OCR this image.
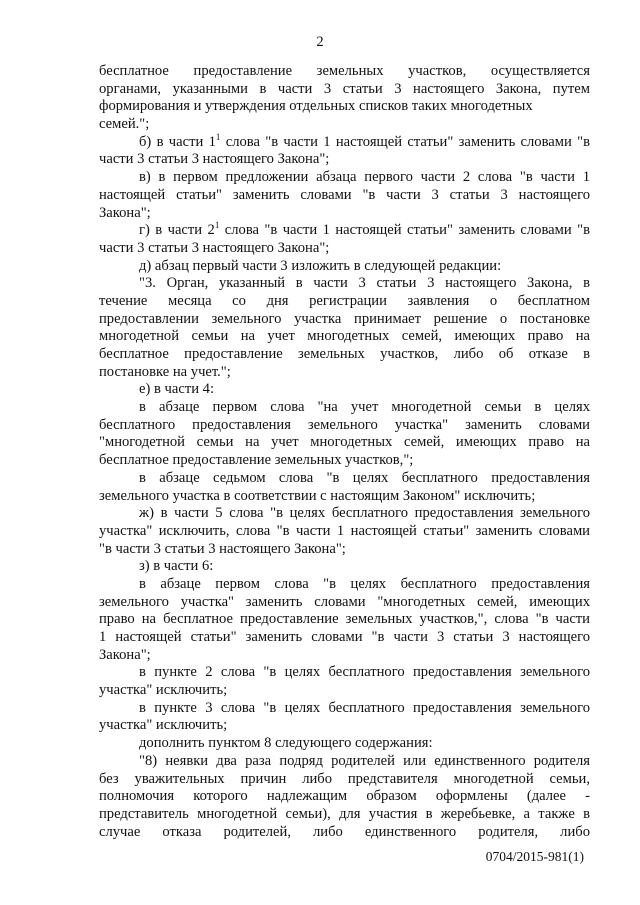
2
бесплатное предоставление земельных участков, осуществляется
органами, указанными в части 3 статьи 3 настоящего Закона, путем
формирования и утверждения отдельных списков таких многодетных
семей.";
б) в части $1^1$ слова "в части 1 настоящей статьи" заменить словами "в
части 3 статьи 3 настоящего Закона";
в) в первом предложении абзаца первого части 2 слова "в части 1
настоящей статьи" заменить словами "в части 3 статьи 3 настоящего
Закона";
г) в части $2^1$ слова "в части 1 настоящей статьи" заменить словами "в
части 3 статьи 3 настоящего Закона";
д) абзац первый части 3 изложить в следующей редакции:
"3. Орган, указанный в части 3 статьи 3 настоящего Закона, в
течение месяца со дня регистрации заявления о бесплатном
предоставлении земельного участка принимает решение о постановке
многодетной семьи на учет многодетных семей, имеющих право на
бесплатное предоставление земельных участков, либо об отказе в
постановке на учет.";
е) в части 4:
в абзаце первом слова "на учет многодетной семьи в целях
бесплатного предоставления земельного участка" заменить словами
"многодетной семьи на учет многодетных семей, имеющих право на
бесплатное предоставление земельных участков,";
в абзаце седьмом слова "в целях бесплатного предоставления
земельного участка в соответствии с настоящим Законом" исключить;
ж) в части 5 слова "в целях бесплатного предоставления земельного
участка" исключить, слова "в части 1 настоящей статьи" заменить словами
"в части 3 статьи 3 настоящего Закона";
з) в части 6:
в абзаце первом слова "в целях бесплатного предоставления
земельного участка" заменить словами "многодетных семей, имеющих
право на бесплатное предоставление земельных участков,", слова "в части
1 настоящей статьи" заменить словами "в части 3 статьи 3 настоящего
Закона";
в пункте 2 слова "в целях бесплатного предоставления земельного
участка" исключить;
в пункте 3 слова "в целях бесплатного предоставления земельного
участка" исключить;
дополнить пунктом 8 следующего содержания:
"8) неявки два раза подряд родителей или единственного родителя
без уважительных причин либо представителя многодетной семьи,
полномочия которого надлежащим образом оформлены (далее -
представитель многодетной семьи), для участия в жеребьевке, а также в
случае отказа родителей, либо единственного родителя, либо
0704/2015-981(1)
